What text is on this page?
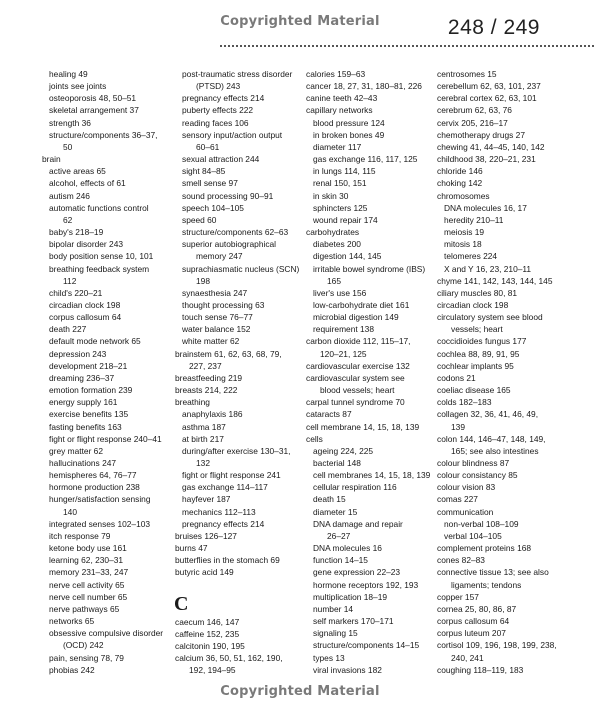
Copyrighted Material	248 / 249
healing 49
joints see joints
osteoporosis 48, 50–51
skeletal arrangement 37
strength 36
structure/components 36–37,
50
brain
active areas 65
alcohol, effects of 61
autism 246
automatic functions control
62
baby's 218–19
bipolar disorder 243
body position sense 10, 101
breathing feedback system
112
child's 220–21
circadian clock 198
corpus callosum 64
death 227
default mode network 65
depression 243
development 218–21
dreaming 236–37
emotion formation 239
energy supply 161
exercise benefits 135
fasting benefits 163
fight or flight response 240–41
grey matter 62
hallucinations 247
hemispheres 64, 76–77
hormone production 238
hunger/satisfaction sensing
140
integrated senses 102–103
itch response 79
ketone body use 161
learning 62, 230–31
memory 231–33, 247
nerve cell activity 65
nerve cell number 65
nerve pathways 65
networks 65
obsessive compulsive disorder
(OCD) 242
pain, sensing 78, 79
phobias 242
post-traumatic stress disorder
(PTSD) 243
pregnancy effects 214
puberty effects 222
reading faces 106
sensory input/action output
60–61
sexual attraction 244
sight 84–85
smell sense 97
sound processing 90–91
speech 104–105
speed 60
structure/components 62–63
superior autobiographical
memory 247
suprachiasmatic nucleus (SCN)
198
synaesthesia 247
thought processing 63
touch sense 76–77
water balance 152
white matter 62
brainstem 61, 62, 63, 68, 79,
227, 237
breastfeeding 219
breasts 214, 222
breathing
anaphylaxis 186
asthma 187
at birth 217
during/after exercise 130–31,
132
fight or flight response 241
gas exchange 114–117
hayfever 187
mechanics 112–113
pregnancy effects 214
bruises 126–127
burns 47
butterflies in the stomach 69
butyric acid 149

C
caecum 146, 147
caffeine 152, 235
calcitonin 190, 195
calcium 36, 50, 51, 162, 190,
192, 194–95
calories 159–63
cancer 18, 27, 31, 180–81, 226
canine teeth 42–43
capillary networks
blood pressure 124
in broken bones 49
diameter 117
gas exchange 116, 117, 125
in lungs 114, 115
renal 150, 151
in skin 30
sphincters 125
wound repair 174
carbohydrates
diabetes 200
digestion 144, 145
irritable bowel syndrome (IBS)
165
liver's use 156
low-carbohydrate diet 161
microbial digestion 149
requirement 138
carbon dioxide 112, 115–17,
120–21, 125
cardiovascular exercise 132
cardiovascular system see
blood vessels; heart
carpal tunnel syndrome 70
cataracts 87
cell membrane 14, 15, 18, 139
cells
ageing 224, 225
bacterial 148
cell membranes 14, 15, 18, 139
cellular respiration 116
death 15
diameter 15
DNA damage and repair
26–27
DNA molecules 16
function 14–15
gene expression 22–23
hormone receptors 192, 193
multiplication 18–19
number 14
self markers 170–171
signaling 15
structure/components 14–15
types 13
viral invasions 182
centrosomes 15
cerebellum 62, 63, 101, 237
cerebral cortex 62, 63, 101
cerebrum 62, 63, 76
cervix 205, 216–17
chemotherapy drugs 27
chewing 41, 44–45, 140, 142
childhood 38, 220–21, 231
chloride 146
choking 142
chromosomes
DNA molecules 16, 17
heredity 210–11
meiosis 19
mitosis 18
telomeres 224
X and Y 16, 23, 210–11
chyme 141, 142, 143, 144, 145
ciliary muscles 80, 81
circadian clock 198
circulatory system see blood
vessels; heart
coccidioides fungus 177
cochlea 88, 89, 91, 95
cochlear implants 95
codons 21
coeliac disease 165
colds 182–183
collagen 32, 36, 41, 46, 49,
139
colon 144, 146–47, 148, 149,
165; see also intestines
colour blindness 87
colour consistancy 85
colour vision 83
comas 227
communication
non-verbal 108–109
verbal 104–105
complement proteins 168
cones 82–83
connective tissue 13; see also
ligaments; tendons
copper 157
cornea 25, 80, 86, 87
corpus callosum 64
corpus luteum 207
cortisol 109, 196, 198, 199, 238,
240, 241
coughing 118–119, 183
Copyrighted Material
